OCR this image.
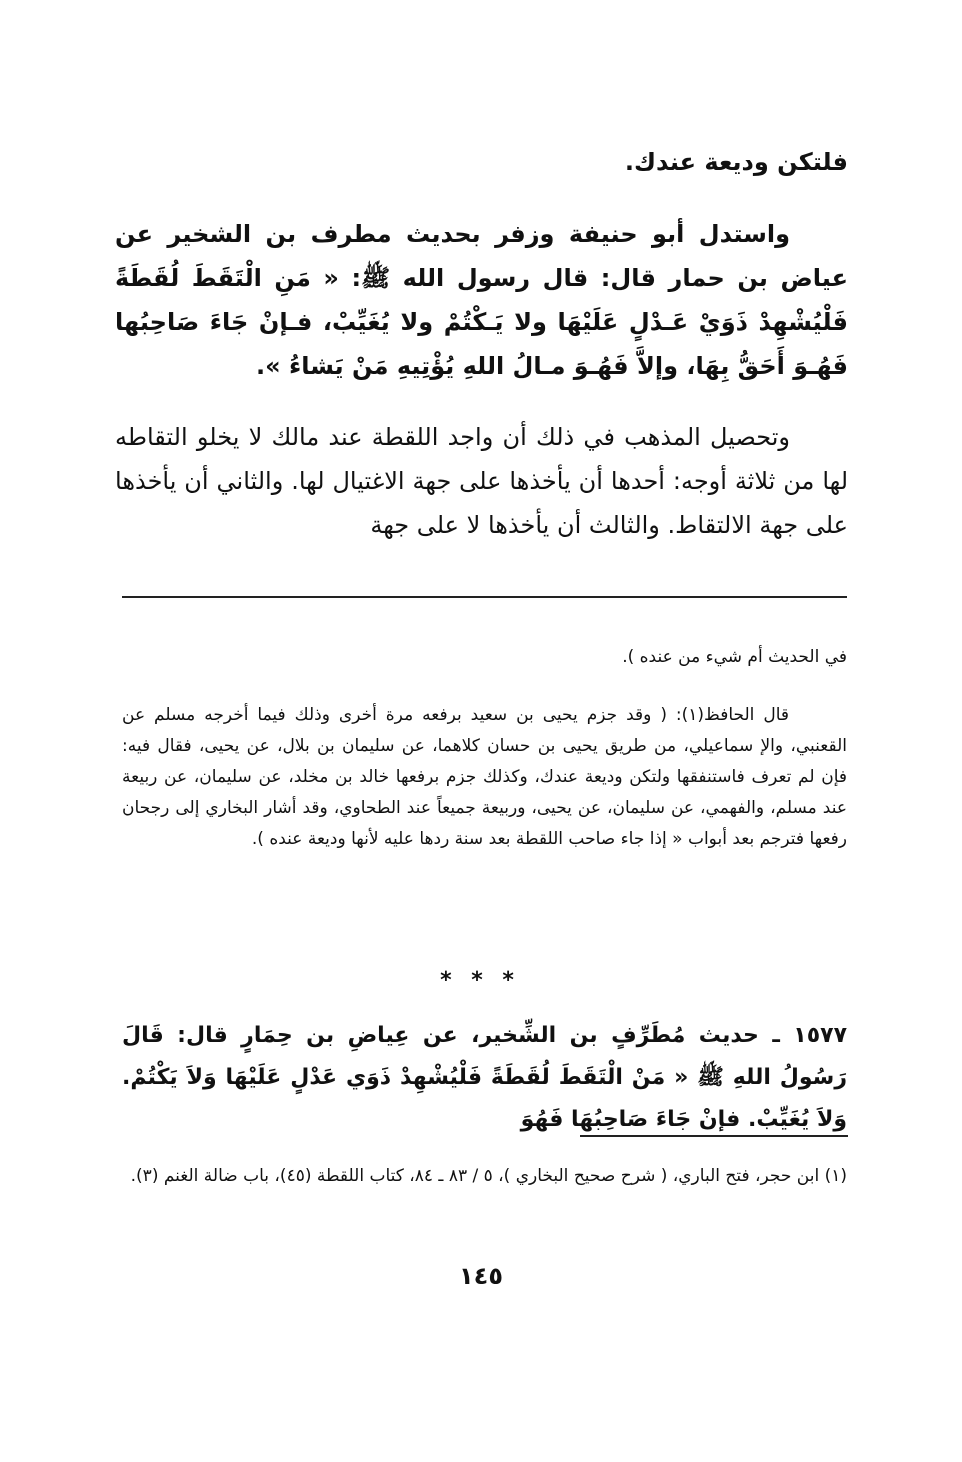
فلتكن وديعة عندك.
واستدل أبو حنيفة وزفر بحديث مطرف بن الشخير عن عياض بن حمار قال: قال رسول الله ﷺ: « مَنِ الْتَقَطَ لُقَطَةً فَلْيُشْهِدْ ذَوَيْ عَـدْلٍ عَلَيْهَا ولا يَـكْتُمْ ولا يُغَيِّبْ، فـإنْ جَاءَ صَاحِبُها فَهُـوَ أَحَقُّ بِهَا، وإلاَّ فَهُـوَ مـالُ اللهِ يُؤْتِيهِ مَنْ يَشاءُ ».
وتحصيل المذهب في ذلك أن واجد اللقطة عند مالك لا يخلو التقاطه لها من ثلاثة أوجه: أحدها أن يأخذها على جهة الاغتيال لها. والثاني أن يأخذها على جهة الالتقاط. والثالث أن يأخذها لا على جهة
في الحديث أم شيء من عنده ).
قال الحافظ(١): ( وقد جزم يحيى بن سعيد برفعه مرة أخرى وذلك فيما أخرجه مسلم عن القعنبي، والإ سماعيلي، من طريق يحيى بن حسان كلاهما، عن سليمان بن بلال، عن يحيى، فقال فيه: فإن لم تعرف فاستنفقها ولتكن وديعة عندك، وكذلك جزم برفعها خالد بن مخلد، عن سليمان، عن ربيعة عند مسلم، والفهمي، عن سليمان، عن يحيى، وربيعة جميعاً عند الطحاوي، وقد أشار البخاري إلى رجحان رفعها فترجم بعد أبواب « إذا جاء صاحب اللقطة بعد سنة ردها عليه لأنها وديعة عنده ).
* * *
١٥٧٧ ـ حديث مُطَرِّفٍ بن الشِّخير، عن عِياضِ بن حِمَارٍ قال: قَالَ رَسُولُ اللهِ ﷺ « مَنْ الْتَقَطَ لُقَطَةً فَلْيُشْهِدْ ذَوَي عَدْلٍ عَلَيْهَا وَلاَ يَكْتُمْ. وَلاَ يُغَيِّبْ. فإنْ جَاءَ صَاحِبُهَا فَهُوَ
(١) ابن حجر، فتح الباري، ( شرح صحيح البخاري )، ٥ / ٨٣ ـ ٨٤، كتاب اللقطة (٤٥)، باب ضالة الغنم (٣).
١٤٥
